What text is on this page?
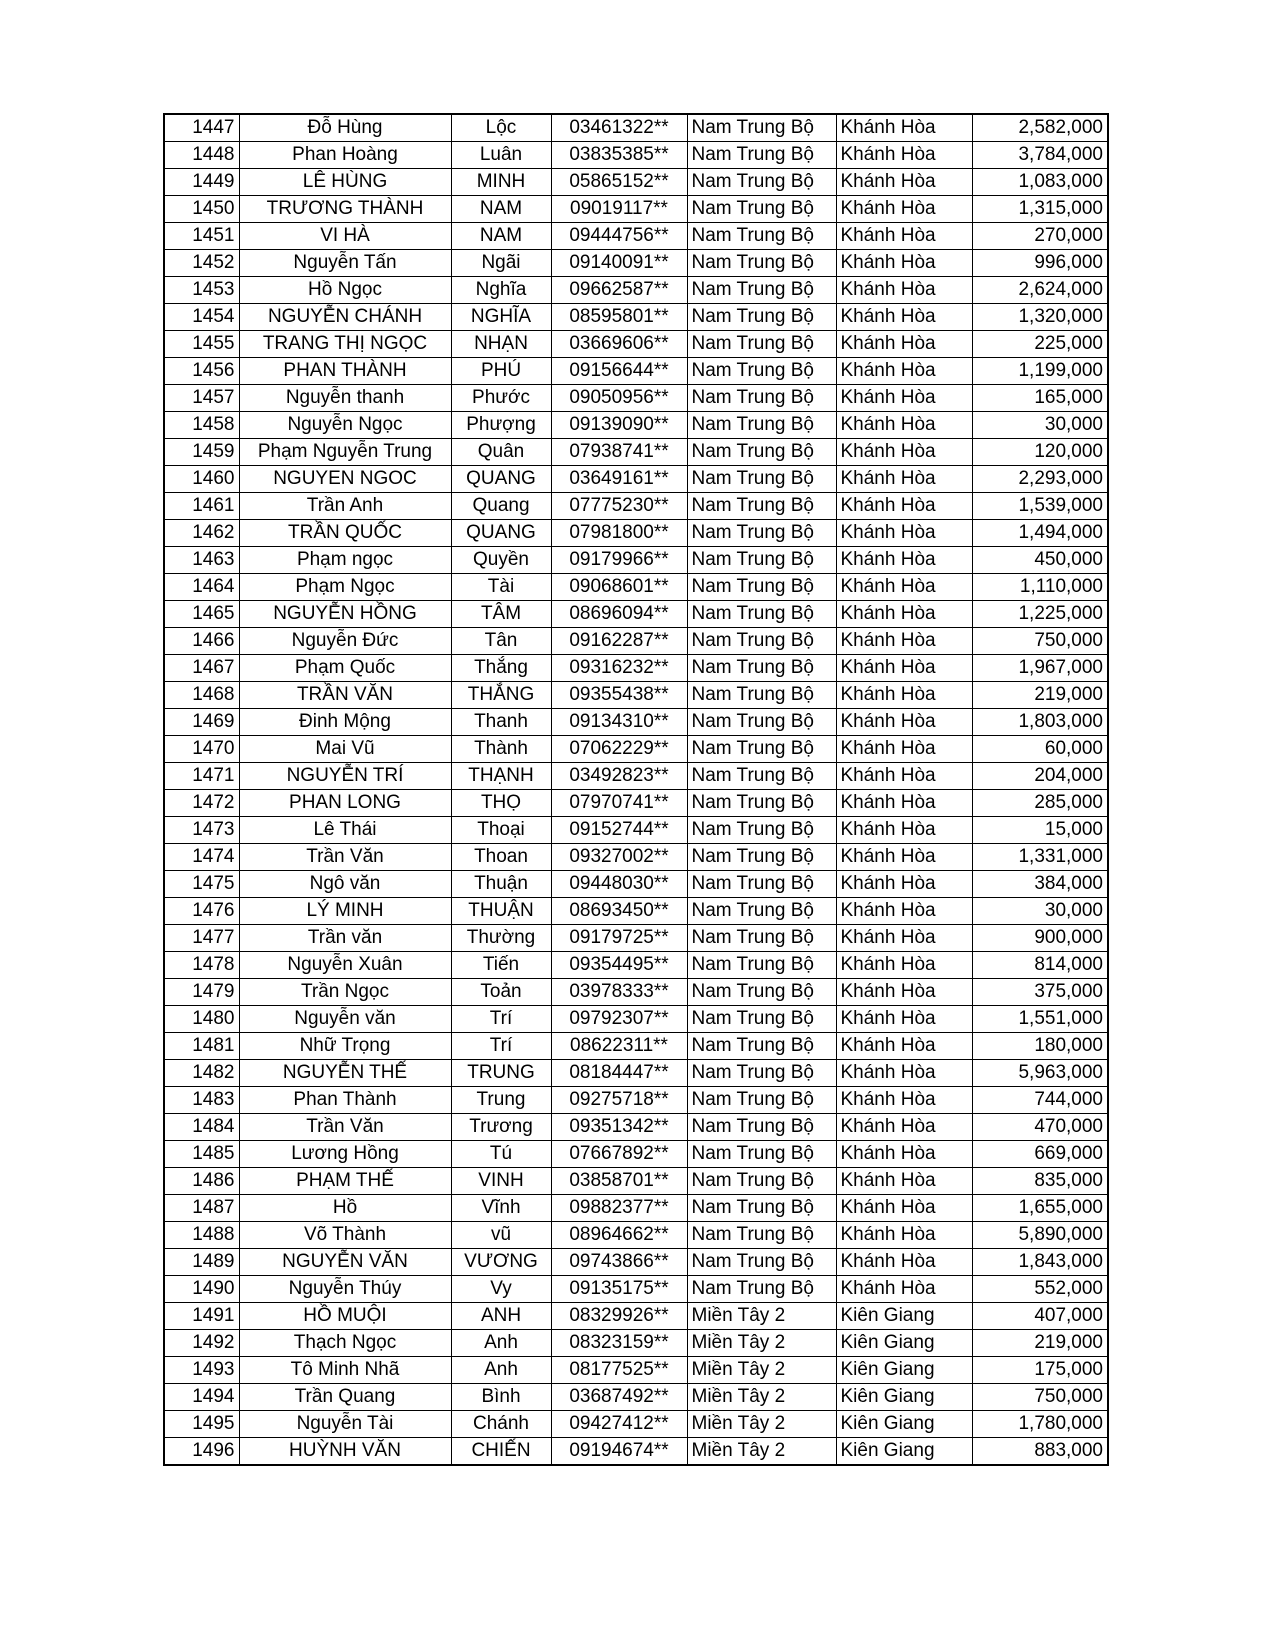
1447	Đỗ Hùng	Lộc	03461322**	Nam Trung Bộ	Khánh Hòa	2,582,000
1448	Phan Hoàng	Luân	03835385**	Nam Trung Bộ	Khánh Hòa	3,784,000
1449	LÊ HÙNG	MINH	05865152**	Nam Trung Bộ	Khánh Hòa	1,083,000
1450	TRƯƠNG THÀNH	NAM	09019117**	Nam Trung Bộ	Khánh Hòa	1,315,000
1451	VI HÀ	NAM	09444756**	Nam Trung Bộ	Khánh Hòa	270,000
1452	Nguyễn Tấn	Ngãi	09140091**	Nam Trung Bộ	Khánh Hòa	996,000
1453	Hồ Ngọc	Nghĩa	09662587**	Nam Trung Bộ	Khánh Hòa	2,624,000
1454	NGUYỄN CHÁNH	NGHĨA	08595801**	Nam Trung Bộ	Khánh Hòa	1,320,000
1455	TRANG THỊ NGỌC	NHẠN	03669606**	Nam Trung Bộ	Khánh Hòa	225,000
1456	PHAN THÀNH	PHÚ	09156644**	Nam Trung Bộ	Khánh Hòa	1,199,000
1457	Nguyễn thanh	Phước	09050956**	Nam Trung Bộ	Khánh Hòa	165,000
1458	Nguyễn Ngọc	Phượng	09139090**	Nam Trung Bộ	Khánh Hòa	30,000
1459	Phạm Nguyễn Trung	Quân	07938741**	Nam Trung Bộ	Khánh Hòa	120,000
1460	NGUYEN NGOC	QUANG	03649161**	Nam Trung Bộ	Khánh Hòa	2,293,000
1461	Trần Anh	Quang	07775230**	Nam Trung Bộ	Khánh Hòa	1,539,000
1462	TRẦN QUỐC	QUANG	07981800**	Nam Trung Bộ	Khánh Hòa	1,494,000
1463	Phạm ngọc	Quyền	09179966**	Nam Trung Bộ	Khánh Hòa	450,000
1464	Phạm Ngọc	Tài	09068601**	Nam Trung Bộ	Khánh Hòa	1,110,000
1465	NGUYỄN HỒNG	TÂM	08696094**	Nam Trung Bộ	Khánh Hòa	1,225,000
1466	Nguyễn Đức	Tân	09162287**	Nam Trung Bộ	Khánh Hòa	750,000
1467	Phạm Quốc	Thắng	09316232**	Nam Trung Bộ	Khánh Hòa	1,967,000
1468	TRẦN VĂN	THẮNG	09355438**	Nam Trung Bộ	Khánh Hòa	219,000
1469	Đinh Mộng	Thanh	09134310**	Nam Trung Bộ	Khánh Hòa	1,803,000
1470	Mai Vũ	Thành	07062229**	Nam Trung Bộ	Khánh Hòa	60,000
1471	NGUYỄN TRÍ	THẠNH	03492823**	Nam Trung Bộ	Khánh Hòa	204,000
1472	PHAN LONG	THỌ	07970741**	Nam Trung Bộ	Khánh Hòa	285,000
1473	Lê Thái	Thoại	09152744**	Nam Trung Bộ	Khánh Hòa	15,000
1474	Trần Văn	Thoan	09327002**	Nam Trung Bộ	Khánh Hòa	1,331,000
1475	Ngô văn	Thuận	09448030**	Nam Trung Bộ	Khánh Hòa	384,000
1476	LÝ MINH	THUẬN	08693450**	Nam Trung Bộ	Khánh Hòa	30,000
1477	Trần văn	Thường	09179725**	Nam Trung Bộ	Khánh Hòa	900,000
1478	Nguyễn Xuân	Tiến	09354495**	Nam Trung Bộ	Khánh Hòa	814,000
1479	Trần Ngọc	Toản	03978333**	Nam Trung Bộ	Khánh Hòa	375,000
1480	Nguyễn văn	Trí	09792307**	Nam Trung Bộ	Khánh Hòa	1,551,000
1481	Nhữ Trọng	Trí	08622311**	Nam Trung Bộ	Khánh Hòa	180,000
1482	NGUYỄN THẾ	TRUNG	08184447**	Nam Trung Bộ	Khánh Hòa	5,963,000
1483	Phan Thành	Trung	09275718**	Nam Trung Bộ	Khánh Hòa	744,000
1484	Trần Văn	Trương	09351342**	Nam Trung Bộ	Khánh Hòa	470,000
1485	Lương Hồng	Tú	07667892**	Nam Trung Bộ	Khánh Hòa	669,000
1486	PHẠM THẾ	VINH	03858701**	Nam Trung Bộ	Khánh Hòa	835,000
1487	Hồ	Vĩnh	09882377**	Nam Trung Bộ	Khánh Hòa	1,655,000
1488	Võ Thành	vũ	08964662**	Nam Trung Bộ	Khánh Hòa	5,890,000
1489	NGUYỄN VĂN	VƯƠNG	09743866**	Nam Trung Bộ	Khánh Hòa	1,843,000
1490	Nguyễn Thúy	Vy	09135175**	Nam Trung Bộ	Khánh Hòa	552,000
1491	HỒ MUỘI	ANH	08329926**	Miền Tây 2	Kiên Giang	407,000
1492	Thạch Ngọc	Anh	08323159**	Miền Tây 2	Kiên Giang	219,000
1493	Tô Minh Nhã	Anh	08177525**	Miền Tây 2	Kiên Giang	175,000
1494	Trần Quang	Bình	03687492**	Miền Tây 2	Kiên Giang	750,000
1495	Nguyễn Tài	Chánh	09427412**	Miền Tây 2	Kiên Giang	1,780,000
1496	HUỲNH VĂN	CHIẾN	09194674**	Miền Tây 2	Kiên Giang	883,000
